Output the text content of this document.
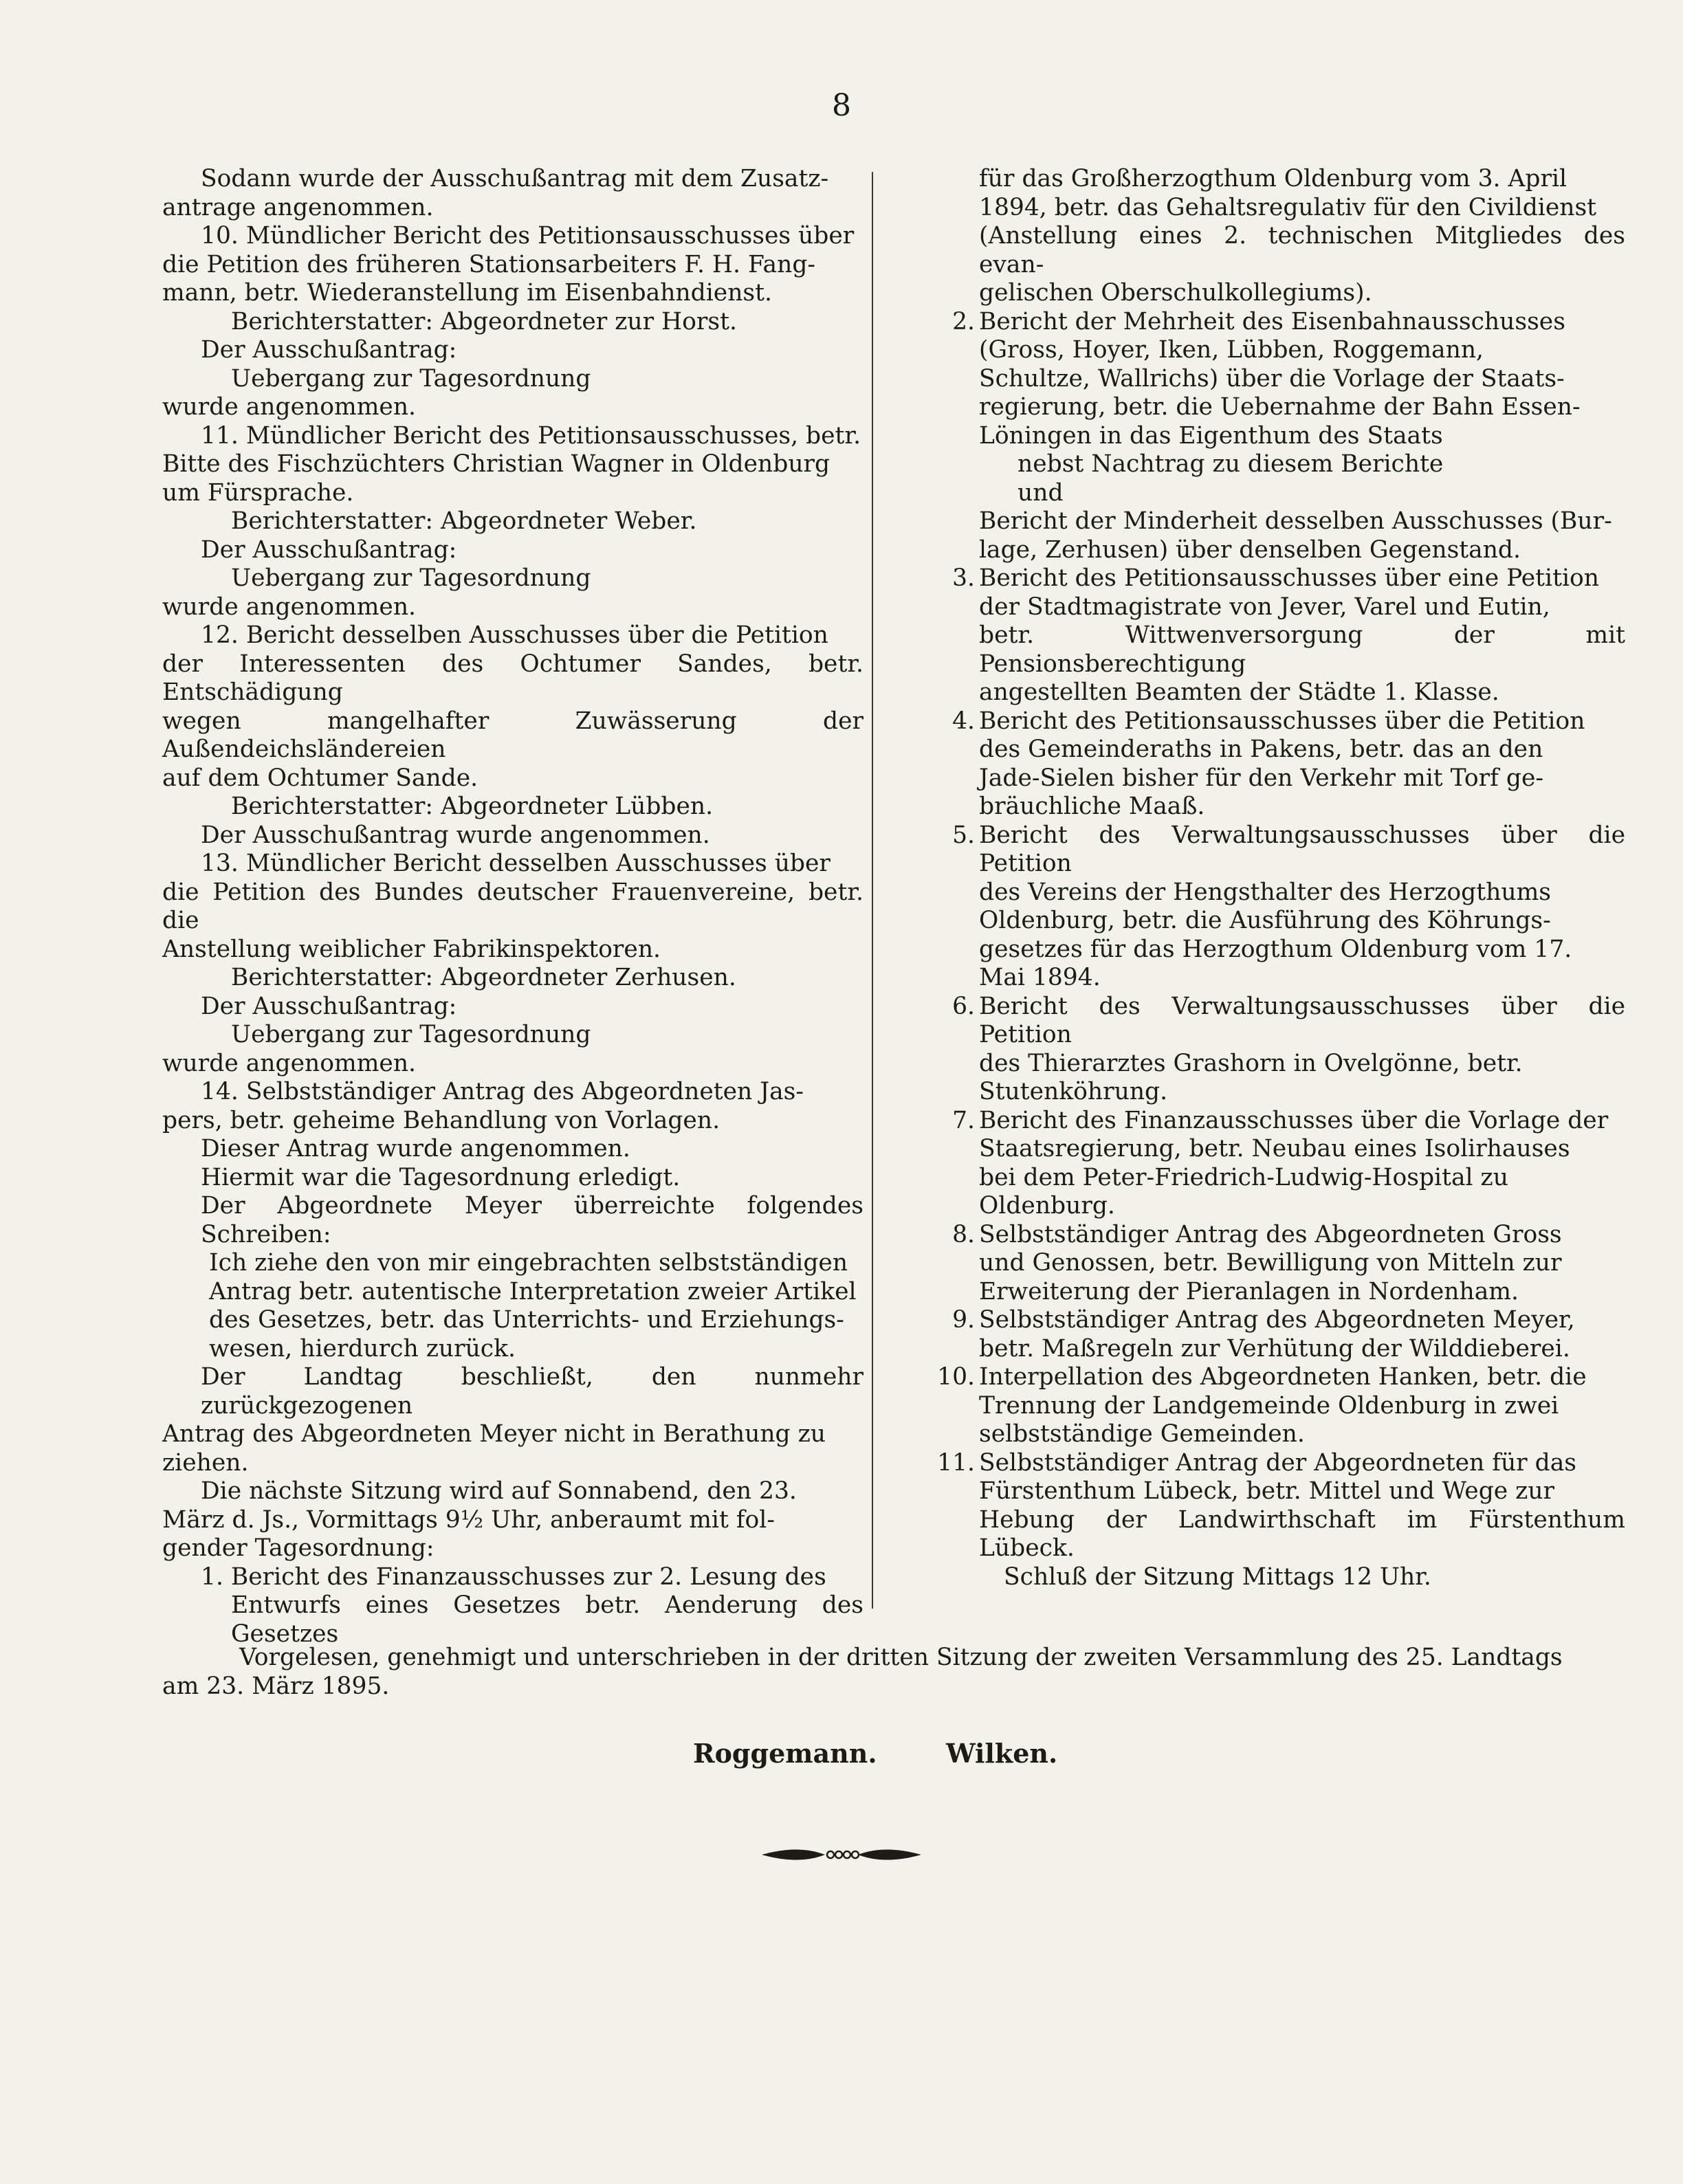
8

Sodann wurde der Ausschußantrag mit dem Zusatz-

antrage angenommen.

10. Mündlicher Bericht des Petitionsausschusses über

die Petition des früheren Stationsarbeiters F. H. Fang-

mann, betr. Wiederanstellung im Eisenbahndienst.

Berichterstatter: Abgeordneter zur Horst.

Der Ausschußantrag:

Uebergang zur Tagesordnung

wurde angenommen.

11. Mündlicher Bericht des Petitionsausschusses, betr.

Bitte des Fischzüchters Christian Wagner in Oldenburg

um Fürsprache.

Berichterstatter: Abgeordneter Weber.

Der Ausschußantrag:

Uebergang zur Tagesordnung

wurde angenommen.

12. Bericht desselben Ausschusses über die Petition

der Interessenten des Ochtumer Sandes, betr. Entschädigung

wegen mangelhafter Zuwässerung der Außendeichsländereien

auf dem Ochtumer Sande.

Berichterstatter: Abgeordneter Lübben.

Der Ausschußantrag wurde angenommen.

13. Mündlicher Bericht desselben Ausschusses über

die Petition des Bundes deutscher Frauenvereine, betr. die

Anstellung weiblicher Fabrikinspektoren.

Berichterstatter: Abgeordneter Zerhusen.

Der Ausschußantrag:

Uebergang zur Tagesordnung

wurde angenommen.

14. Selbstständiger Antrag des Abgeordneten Jas-

pers, betr. geheime Behandlung von Vorlagen.

Dieser Antrag wurde angenommen.

Hiermit war die Tagesordnung erledigt.

Der Abgeordnete Meyer überreichte folgendes Schreiben:

Ich ziehe den von mir eingebrachten selbstständigen

Antrag betr. autentische Interpretation zweier Artikel

des Gesetzes, betr. das Unterrichts- und Erziehungs-

wesen, hierdurch zurück.

Der Landtag beschließt, den nunmehr zurückgezogenen

Antrag des Abgeordneten Meyer nicht in Berathung zu

ziehen.

Die nächste Sitzung wird auf Sonnabend, den 23.

März d. Js., Vormittags 9½ Uhr, anberaumt mit fol-

gender Tagesordnung:

1. Bericht des Finanzausschusses zur 2. Lesung des

Entwurfs eines Gesetzes betr. Aenderung des Gesetzes

für das Großherzogthum Oldenburg vom 3. April

1894, betr. das Gehaltsregulativ für den Civildienst

(Anstellung eines 2. technischen Mitgliedes des evan-

gelischen Oberschulkollegiums).

2. Bericht der Mehrheit des Eisenbahnausschusses

(Gross, Hoyer, Iken, Lübben, Roggemann,

Schultze, Wallrichs) über die Vorlage der Staats-

regierung, betr. die Uebernahme der Bahn Essen-

Löningen in das Eigenthum des Staats

nebst Nachtrag zu diesem Berichte

und

Bericht der Minderheit desselben Ausschusses (Bur-

lage, Zerhusen) über denselben Gegenstand.

3. Bericht des Petitionsausschusses über eine Petition

der Stadtmagistrate von Jever, Varel und Eutin,

betr. Wittwenversorgung der mit Pensionsberechtigung

angestellten Beamten der Städte 1. Klasse.

4. Bericht des Petitionsausschusses über die Petition

des Gemeinderaths in Pakens, betr. das an den

Jade-Sielen bisher für den Verkehr mit Torf ge-

bräuchliche Maaß.

5. Bericht des Verwaltungsausschusses über die Petition

des Vereins der Hengsthalter des Herzogthums

Oldenburg, betr. die Ausführung des Köhrungs-

gesetzes für das Herzogthum Oldenburg vom 17.

Mai 1894.

6. Bericht des Verwaltungsausschusses über die Petition

des Thierarztes Grashorn in Ovelgönne, betr.

Stutenköhrung.

7. Bericht des Finanzausschusses über die Vorlage der

Staatsregierung, betr. Neubau eines Isolirhauses

bei dem Peter-Friedrich-Ludwig-Hospital zu

Oldenburg.

8. Selbstständiger Antrag des Abgeordneten Gross

und Genossen, betr. Bewilligung von Mitteln zur

Erweiterung der Pieranlagen in Nordenham.

9. Selbstständiger Antrag des Abgeordneten Meyer,

betr. Maßregeln zur Verhütung der Wilddieberei.

10. Interpellation des Abgeordneten Hanken, betr. die

Trennung der Landgemeinde Oldenburg in zwei

selbstständige Gemeinden.

11. Selbstständiger Antrag der Abgeordneten für das

Fürstenthum Lübeck, betr. Mittel und Wege zur

Hebung der Landwirthschaft im Fürstenthum Lübeck.

Schluß der Sitzung Mittags 12 Uhr.

Vorgelesen, genehmigt und unterschrieben in der dritten Sitzung der zweiten Versammlung des 25. Landtags

am 23. März 1895.

Roggemann.	Wilken.
